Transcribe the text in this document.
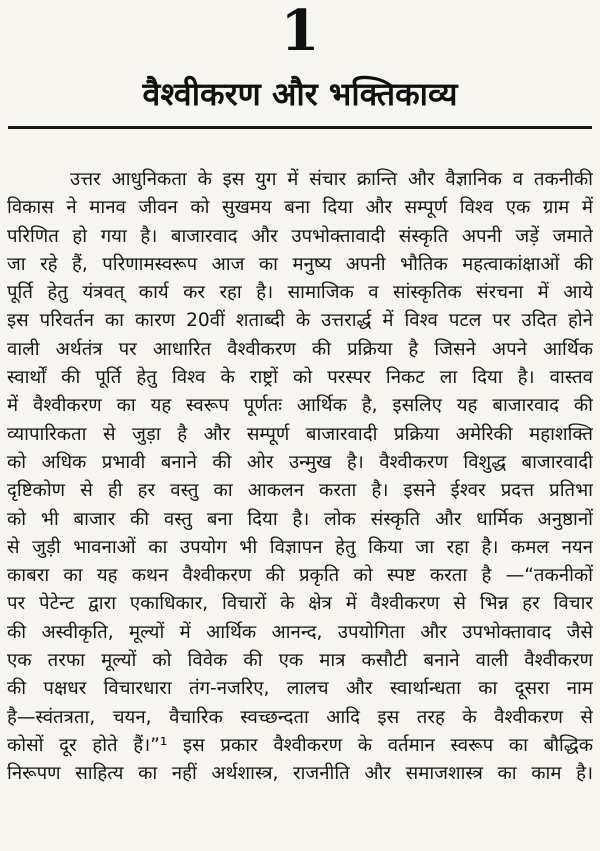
1
वैश्वीकरण और भक्तिकाव्य
उत्तर आधुनिकता के इस युग में संचार क्रान्ति और वैज्ञानिक व तकनीकी
विकास ने मानव जीवन को सुखमय बना दिया और सम्पूर्ण विश्व एक ग्राम में
परिणित हो गया है। बाजारवाद और उपभोक्तावादी संस्कृति अपनी जड़ें जमाते
जा रहे हैं, परिणामस्वरूप आज का मनुष्य अपनी भौतिक महत्वाकांक्षाओं की
पूर्ति हेतु यंत्रवत् कार्य कर रहा है। सामाजिक व सांस्कृतिक संरचना में आये
इस परिवर्तन का कारण 20वीं शताब्दी के उत्तरार्द्ध में विश्व पटल पर उदित होने
वाली अर्थतंत्र पर आधारित वैश्वीकरण की प्रक्रिया है जिसने अपने आर्थिक
स्वार्थों की पूर्ति हेतु विश्व के राष्ट्रों को परस्पर निकट ला दिया है। वास्तव
में वैश्वीकरण का यह स्वरूप पूर्णतः आर्थिक है, इसलिए यह बाजारवाद की
व्यापारिकता से जुड़ा है और सम्पूर्ण बाजारवादी प्रक्रिया अमेरिकी महाशक्ति
को अधिक प्रभावी बनाने की ओर उन्मुख है। वैश्वीकरण विशुद्ध बाजारवादी
दृष्टिकोण से ही हर वस्तु का आकलन करता है। इसने ईश्वर प्रदत्त प्रतिभा
को भी बाजार की वस्तु बना दिया है। लोक संस्कृति और धार्मिक अनुष्ठानों
से जुड़ी भावनाओं का उपयोग भी विज्ञापन हेतु किया जा रहा है। कमल नयन
काबरा का यह कथन वैश्वीकरण की प्रकृति को स्पष्ट करता है —“तकनीकों
पर पेटेन्ट द्वारा एकाधिकार, विचारों के क्षेत्र में वैश्वीकरण से भिन्न हर विचार
की अस्वीकृति, मूल्यों में आर्थिक आनन्द, उपयोगिता और उपभोक्तावाद जैसे
एक तरफा मूल्यों को विवेक की एक मात्र कसौटी बनाने वाली वैश्वीकरण
की पक्षधर विचारधारा तंग-नजरिए, लालच और स्वार्थान्धता का दूसरा नाम
है—स्वंतत्रता, चयन, वैचारिक स्वच्छन्दता आदि इस तरह के वैश्वीकरण से
कोसों दूर होते हैं।”¹ इस प्रकार वैश्वीकरण के वर्तमान स्वरूप का बौद्धिक
निरूपण साहित्य का नहीं अर्थशास्त्र, राजनीति और समाजशास्त्र का काम है।
